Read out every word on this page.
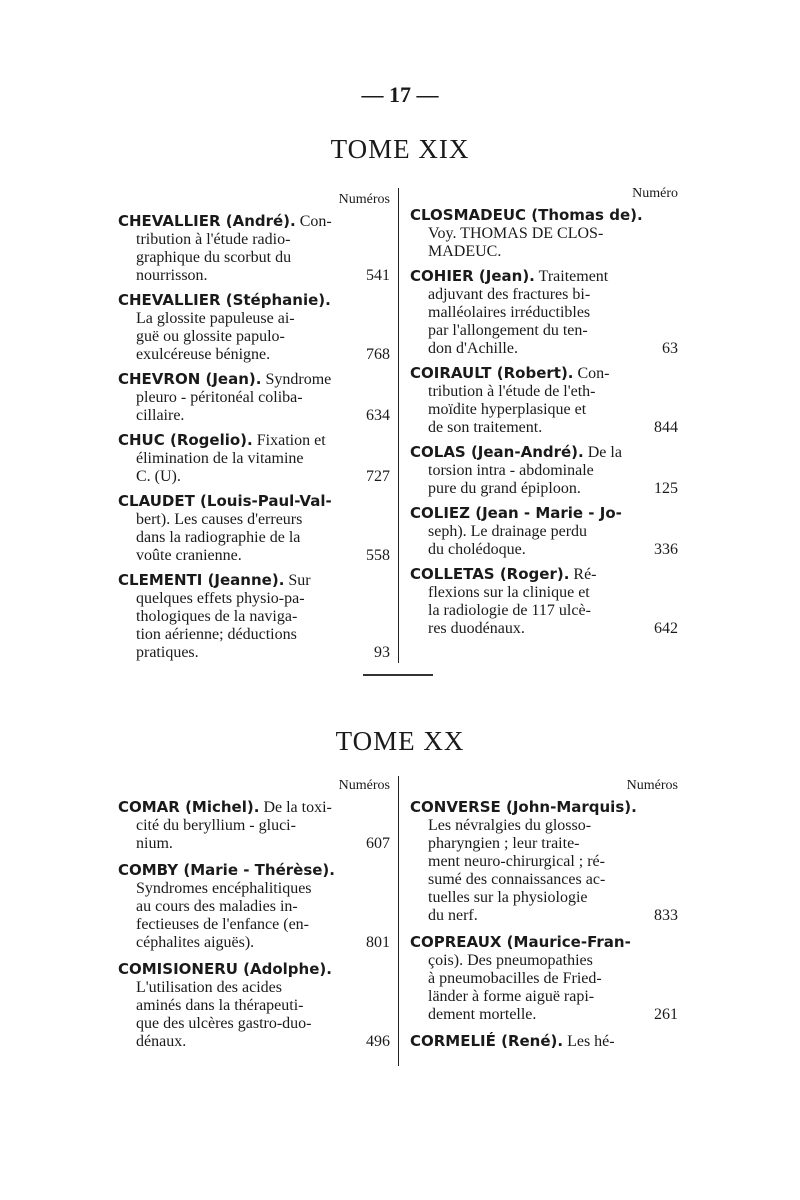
— 17 —
TOME XIX
Numéros
CHEVALLIER (André). Con-
tribution à l'étude radio-
graphique du scorbut du
nourrisson.	541
CHEVALLIER (Stéphanie).
La glossite papuleuse ai-
guë ou glossite papulo-
exulcéreuse bénigne.	768
CHEVRON (Jean). Syndrome
pleuro - péritonéal coliba-
cillaire.	634
CHUC (Rogelio). Fixation et
élimination de la vitamine
C. (U).	727
CLAUDET (Louis-Paul-Val-
bert). Les causes d'erreurs
dans la radiographie de la
voûte cranienne.	558
CLEMENTI (Jeanne). Sur
quelques effets physio-pa-
thologiques de la naviga-
tion aérienne; déductions
pratiques.	93
Numéro
CLOSMADEUC (Thomas de).
Voy. THOMAS DE CLOS-
MADEUC.
COHIER (Jean). Traitement
adjuvant des fractures bi-
malléolaires irréductibles
par l'allongement du ten-
don d'Achille.	63
COIRAULT (Robert). Con-
tribution à l'étude de l'eth-
moïdite hyperplasique et
de son traitement.	844
COLAS (Jean-André). De la
torsion intra - abdominale
pure du grand épiploon.	125
COLIEZ (Jean - Marie - Jo-
seph). Le drainage perdu
du cholédoque.	336
COLLETAS (Roger). Ré-
flexions sur la clinique et
la radiologie de 117 ulcè-
res duodénaux.	642
TOME XX
Numéros
COMAR (Michel). De la toxi-
cité du beryllium - gluci-
nium.	607
COMBY (Marie - Thérèse).
Syndromes encéphalitiques
au cours des maladies in-
fectieuses de l'enfance (en-
céphalites aiguës).	801
COMISIONERU (Adolphe).
L'utilisation des acides
aminés dans la thérapeuti-
que des ulcères gastro-duo-
dénaux.	496
Numéros
CONVERSE (John-Marquis).
Les névralgies du glosso-
pharyngien ; leur traite-
ment neuro-chirurgical ; ré-
sumé des connaissances ac-
tuelles sur la physiologie
du nerf.	833
COPREAUX (Maurice-Fran-
çois). Des pneumopathies
à pneumobacilles de Fried-
länder à forme aiguë rapi-
dement mortelle.	261
CORMELIÉ (René). Les hé-
